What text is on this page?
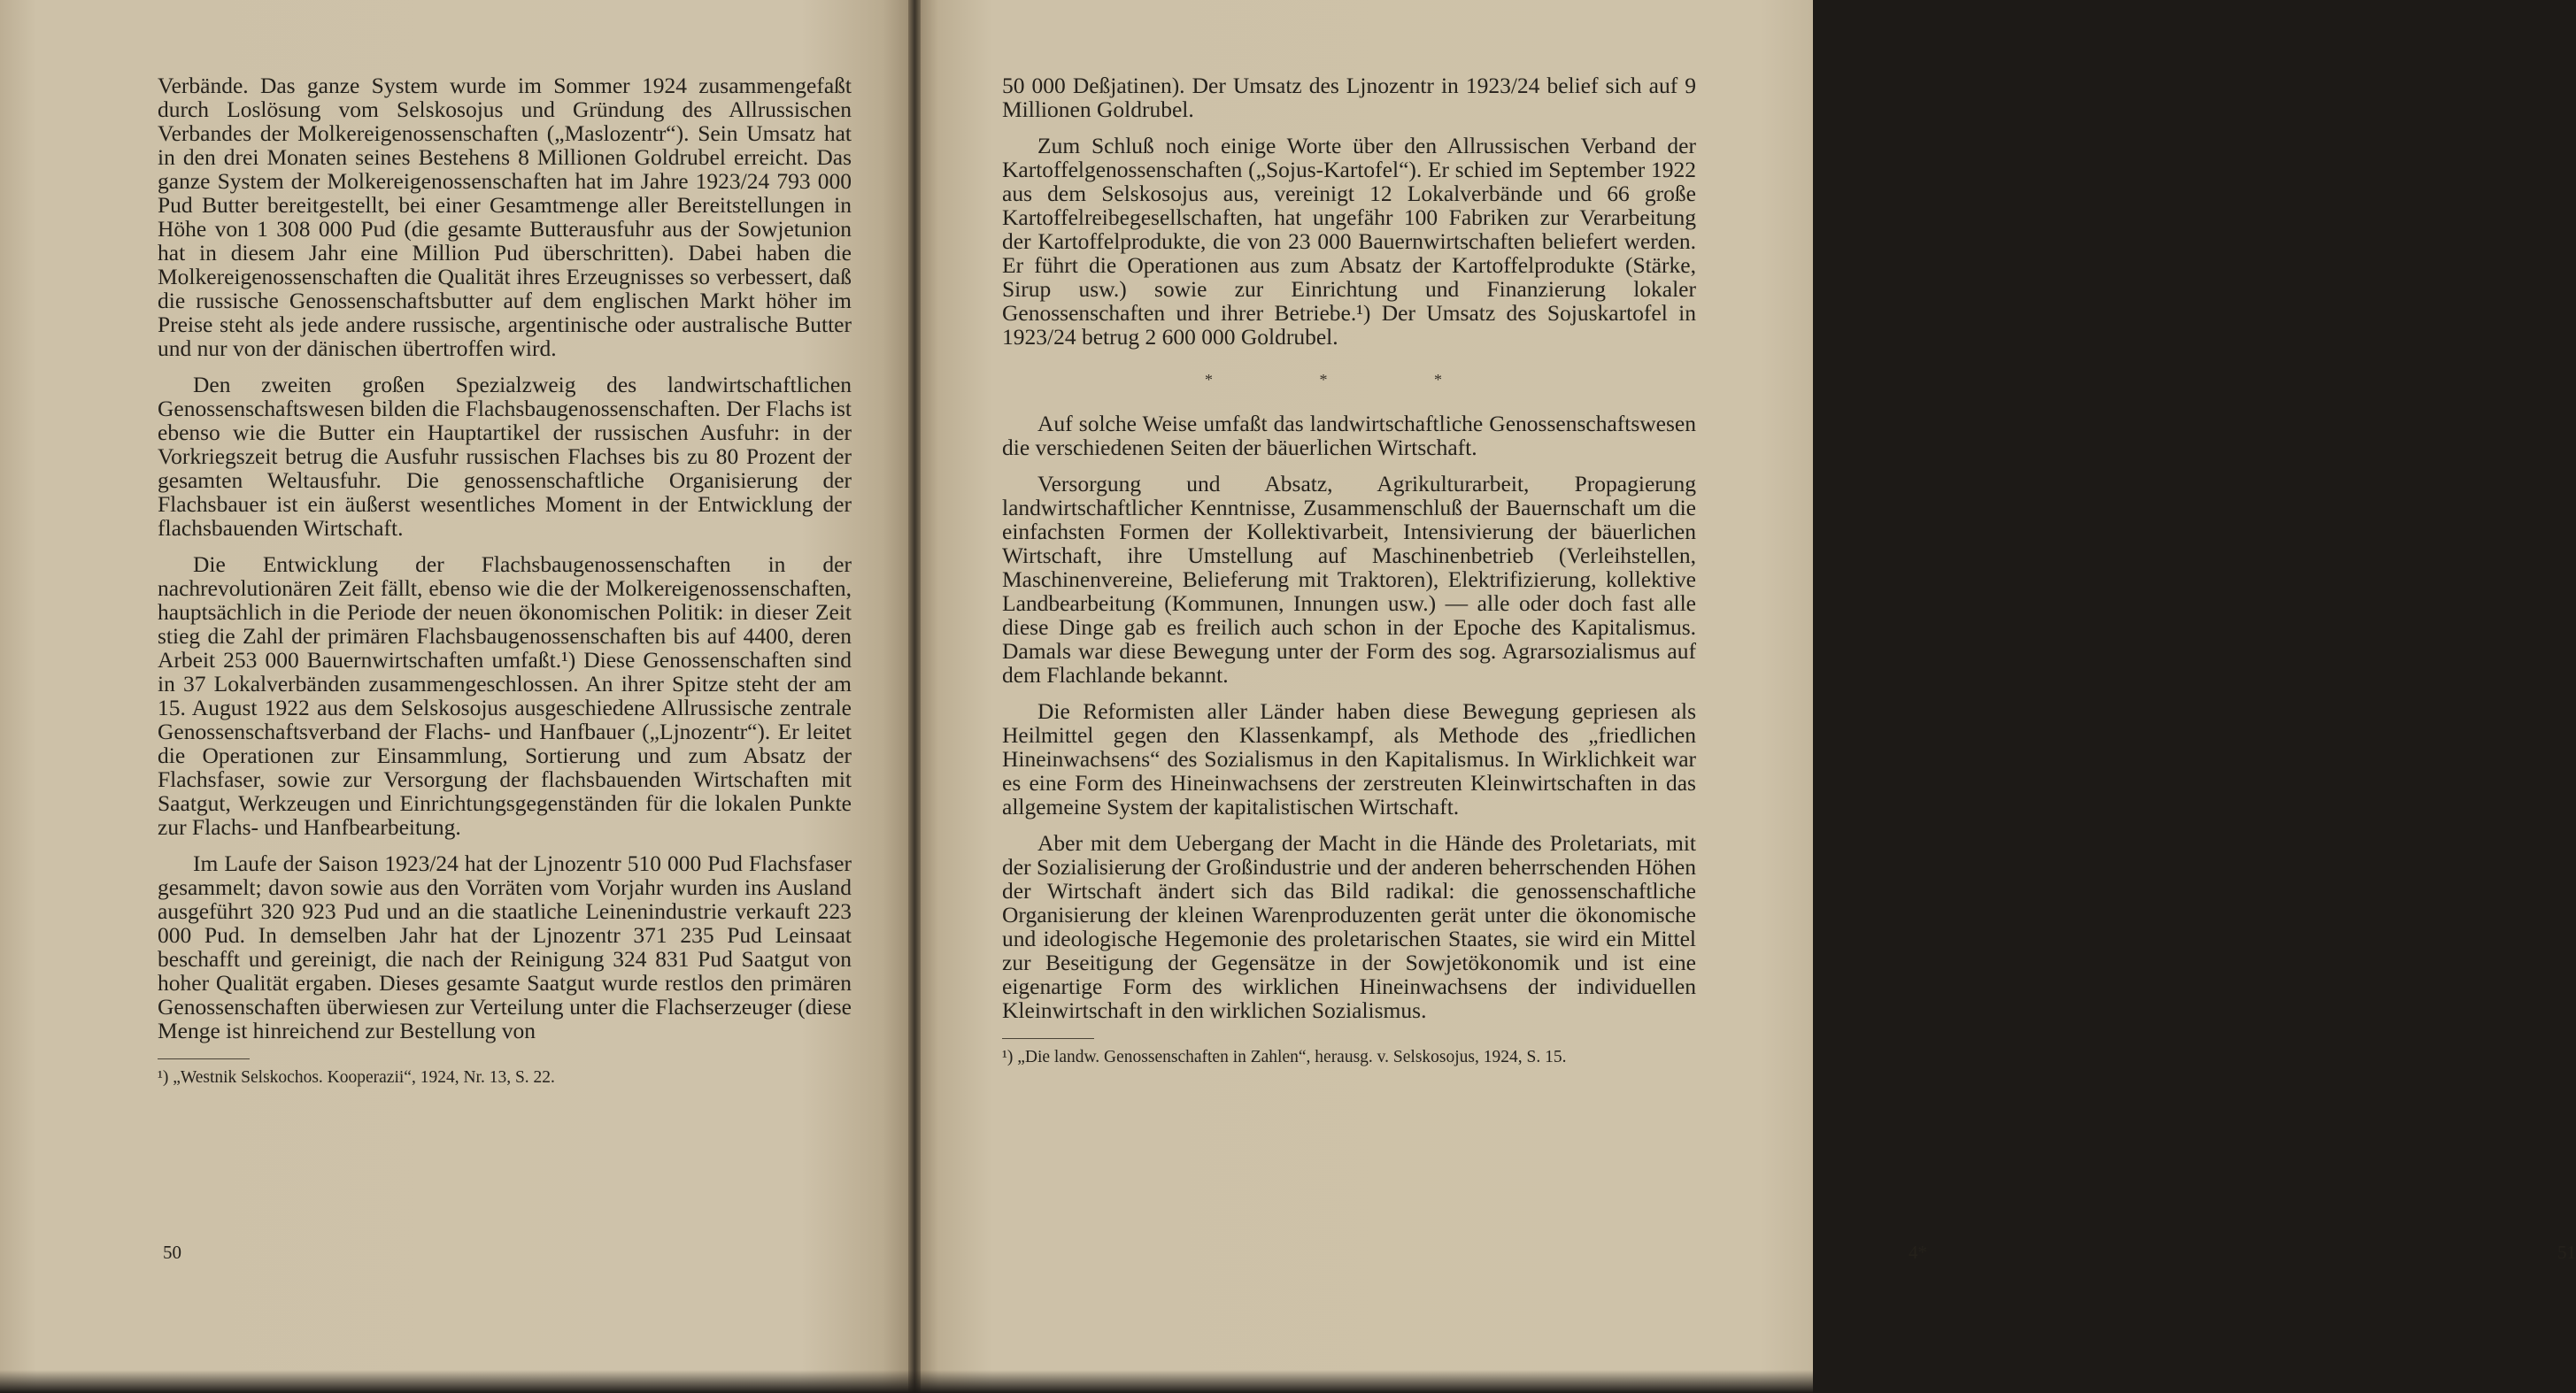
Verbände. Das ganze System wurde im Sommer 1924 zusammengefaßt durch Loslösung vom Selskosojus und Gründung des Allrussischen Verbandes der Molkereigenossenschaften („Maslozentr“). Sein Umsatz hat in den drei Monaten seines Bestehens 8 Millionen Goldrubel erreicht. Das ganze System der Molkereigenossenschaften hat im Jahre 1923/24 793 000 Pud Butter bereitgestellt, bei einer Gesamtmenge aller Bereitstellungen in Höhe von 1 308 000 Pud (die gesamte Butterausfuhr aus der Sowjetunion hat in diesem Jahr eine Million Pud überschritten). Dabei haben die Molkereigenossenschaften die Qualität ihres Erzeugnisses so verbessert, daß die russische Genossenschaftsbutter auf dem englischen Markt höher im Preise steht als jede andere russische, argentinische oder australische Butter und nur von der dänischen übertroffen wird.

Den zweiten großen Spezialzweig des landwirtschaftlichen Genossenschaftswesen bilden die Flachsbaugenossenschaften. Der Flachs ist ebenso wie die Butter ein Hauptartikel der russischen Ausfuhr: in der Vorkriegszeit betrug die Ausfuhr russischen Flachses bis zu 80 Prozent der gesamten Weltausfuhr. Die genossenschaftliche Organisierung der Flachsbauer ist ein äußerst wesentliches Moment in der Entwicklung der flachsbauenden Wirtschaft.

Die Entwicklung der Flachsbaugenossenschaften in der nachrevolutionären Zeit fällt, ebenso wie die der Molkereigenossenschaften, hauptsächlich in die Periode der neuen ökonomischen Politik: in dieser Zeit stieg die Zahl der primären Flachsbaugenossenschaften bis auf 4400, deren Arbeit 253 000 Bauernwirtschaften umfaßt.¹) Diese Genossenschaften sind in 37 Lokalverbänden zusammengeschlossen. An ihrer Spitze steht der am 15. August 1922 aus dem Selskosojus ausgeschiedene Allrussische zentrale Genossenschaftsverband der Flachs- und Hanfbauer („Ljnozentr“). Er leitet die Operationen zur Einsammlung, Sortierung und zum Absatz der Flachsfaser, sowie zur Versorgung der flachsbauenden Wirtschaften mit Saatgut, Werkzeugen und Einrichtungsgegenständen für die lokalen Punkte zur Flachs- und Hanfbearbeitung.

Im Laufe der Saison 1923/24 hat der Ljnozentr 510 000 Pud Flachsfaser gesammelt; davon sowie aus den Vorräten vom Vorjahr wurden ins Ausland ausgeführt 320 923 Pud und an die staatliche Leinenindustrie verkauft 223 000 Pud. In demselben Jahr hat der Ljnozentr 371 235 Pud Leinsaat beschafft und gereinigt, die nach der Reinigung 324 831 Pud Saatgut von hoher Qualität ergaben. Dieses gesamte Saatgut wurde restlos den primären Genossenschaften überwiesen zur Verteilung unter die Flachserzeuger (diese Menge ist hinreichend zur Bestellung von

¹) „Westnik Selskochos. Kooperazii“, 1924, Nr. 13, S. 22.

50

50 000 Deßjatinen). Der Umsatz des Ljnozentr in 1923/24 belief sich auf 9 Millionen Goldrubel.

Zum Schluß noch einige Worte über den Allrussischen Verband der Kartoffelgenossenschaften („Sojus-Kartofel“). Er schied im September 1922 aus dem Selskosojus aus, vereinigt 12 Lokalverbände und 66 große Kartoffelreibegesellschaften, hat ungefähr 100 Fabriken zur Verarbeitung der Kartoffelprodukte, die von 23 000 Bauernwirtschaften beliefert werden. Er führt die Operationen aus zum Absatz der Kartoffelprodukte (Stärke, Sirup usw.) sowie zur Einrichtung und Finanzierung lokaler Genossenschaften und ihrer Betriebe.¹) Der Umsatz des Sojuskartofel in 1923/24 betrug 2 600 000 Goldrubel.

* * *

Auf solche Weise umfaßt das landwirtschaftliche Genossenschaftswesen die verschiedenen Seiten der bäuerlichen Wirtschaft.

Versorgung und Absatz, Agrikulturarbeit, Propagierung landwirtschaftlicher Kenntnisse, Zusammenschluß der Bauernschaft um die einfachsten Formen der Kollektivarbeit, Intensivierung der bäuerlichen Wirtschaft, ihre Umstellung auf Maschinenbetrieb (Verleihstellen, Maschinenvereine, Belieferung mit Traktoren), Elektrifizierung, kollektive Landbearbeitung (Kommunen, Innungen usw.) — alle oder doch fast alle diese Dinge gab es freilich auch schon in der Epoche des Kapitalismus. Damals war diese Bewegung unter der Form des sog. Agrarsozialismus auf dem Flachlande bekannt.

Die Reformisten aller Länder haben diese Bewegung gepriesen als Heilmittel gegen den Klassenkampf, als Methode des „friedlichen Hineinwachsens“ des Sozialismus in den Kapitalismus. In Wirklichkeit war es eine Form des Hineinwachsens der zerstreuten Kleinwirtschaften in das allgemeine System der kapitalistischen Wirtschaft.

Aber mit dem Uebergang der Macht in die Hände des Proletariats, mit der Sozialisierung der Großindustrie und der anderen beherrschenden Höhen der Wirtschaft ändert sich das Bild radikal: die genossenschaftliche Organisierung der kleinen Warenproduzenten gerät unter die ökonomische und ideologische Hegemonie des proletarischen Staates, sie wird ein Mittel zur Beseitigung der Gegensätze in der Sowjetökonomik und ist eine eigenartige Form des wirklichen Hineinwachsens der individuellen Kleinwirtschaft in den wirklichen Sozialismus.

¹) „Die landw. Genossenschaften in Zahlen“, herausg. v. Selskosojus, 1924, S. 15.

4*	51
